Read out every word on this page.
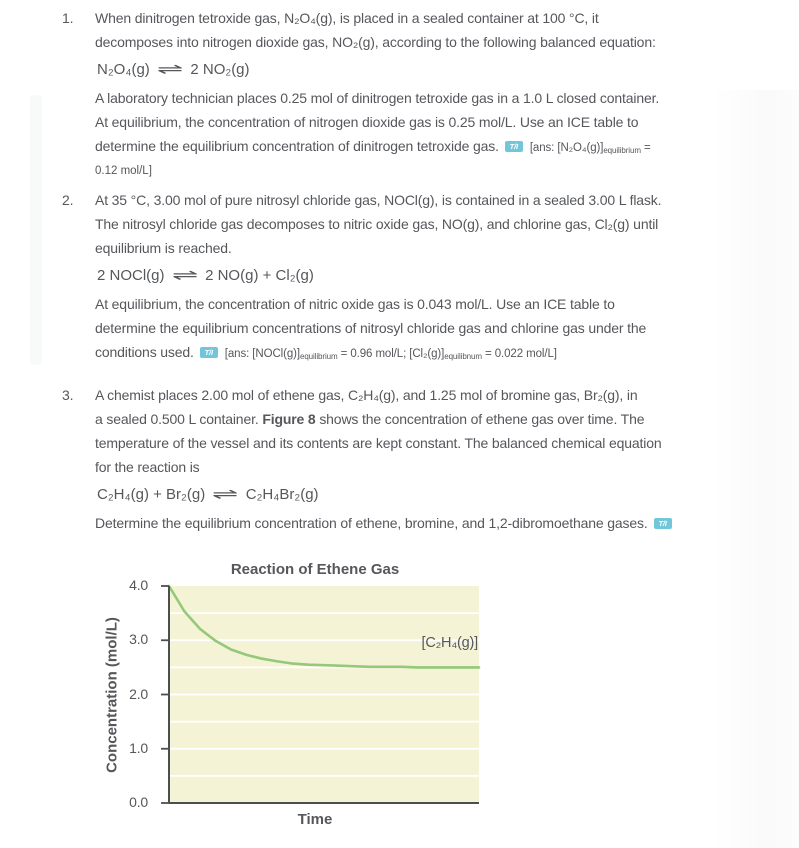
1.	When dinitrogen tetroxide gas, N₂O₄(g), is placed in a sealed container at 100 °C, it
decomposes into nitrogen dioxide gas, NO₂(g), according to the following balanced equation:
N₂O₄(g) ⇌ 2 NO₂(g)
A laboratory technician places 0.25 mol of dinitrogen tetroxide gas in a 1.0 L closed container.
At equilibrium, the concentration of nitrogen dioxide gas is 0.25 mol/L. Use an ICE table to
determine the equilibrium concentration of dinitrogen tetroxide gas. T/I [ans: [N₂O₄(g)]equilibrium =
0.12 mol/L]
2.	At 35 °C, 3.00 mol of pure nitrosyl chloride gas, NOCl(g), is contained in a sealed 3.00 L flask.
The nitrosyl chloride gas decomposes to nitric oxide gas, NO(g), and chlorine gas, Cl₂(g) until
equilibrium is reached.
2 NOCl(g) ⇌ 2 NO(g) + Cl₂(g)
At equilibrium, the concentration of nitric oxide gas is 0.043 mol/L. Use an ICE table to
determine the equilibrium concentrations of nitrosyl chloride gas and chlorine gas under the
conditions used. T/I [ans: [NOCl(g)]equilibrium = 0.96 mol/L; [Cl₂(g)]equilibnum = 0.022 mol/L]
3.	A chemist places 2.00 mol of ethene gas, C₂H₄(g), and 1.25 mol of bromine gas, Br₂(g), in
a sealed 0.500 L container. Figure 8 shows the concentration of ethene gas over time. The
temperature of the vessel and its contents are kept constant. The balanced chemical equation
for the reaction is
C₂H₄(g) + Br₂(g) ⇌ C₂H₄Br₂(g)
Determine the equilibrium concentration of ethene, bromine, and 1,2-dibromoethane gases. T/I
Reaction of Ethene Gas
Concentration (mol/L)
0.0
1.0
2.0
3.0
4.0
[C₂H₄(g)]
Time
